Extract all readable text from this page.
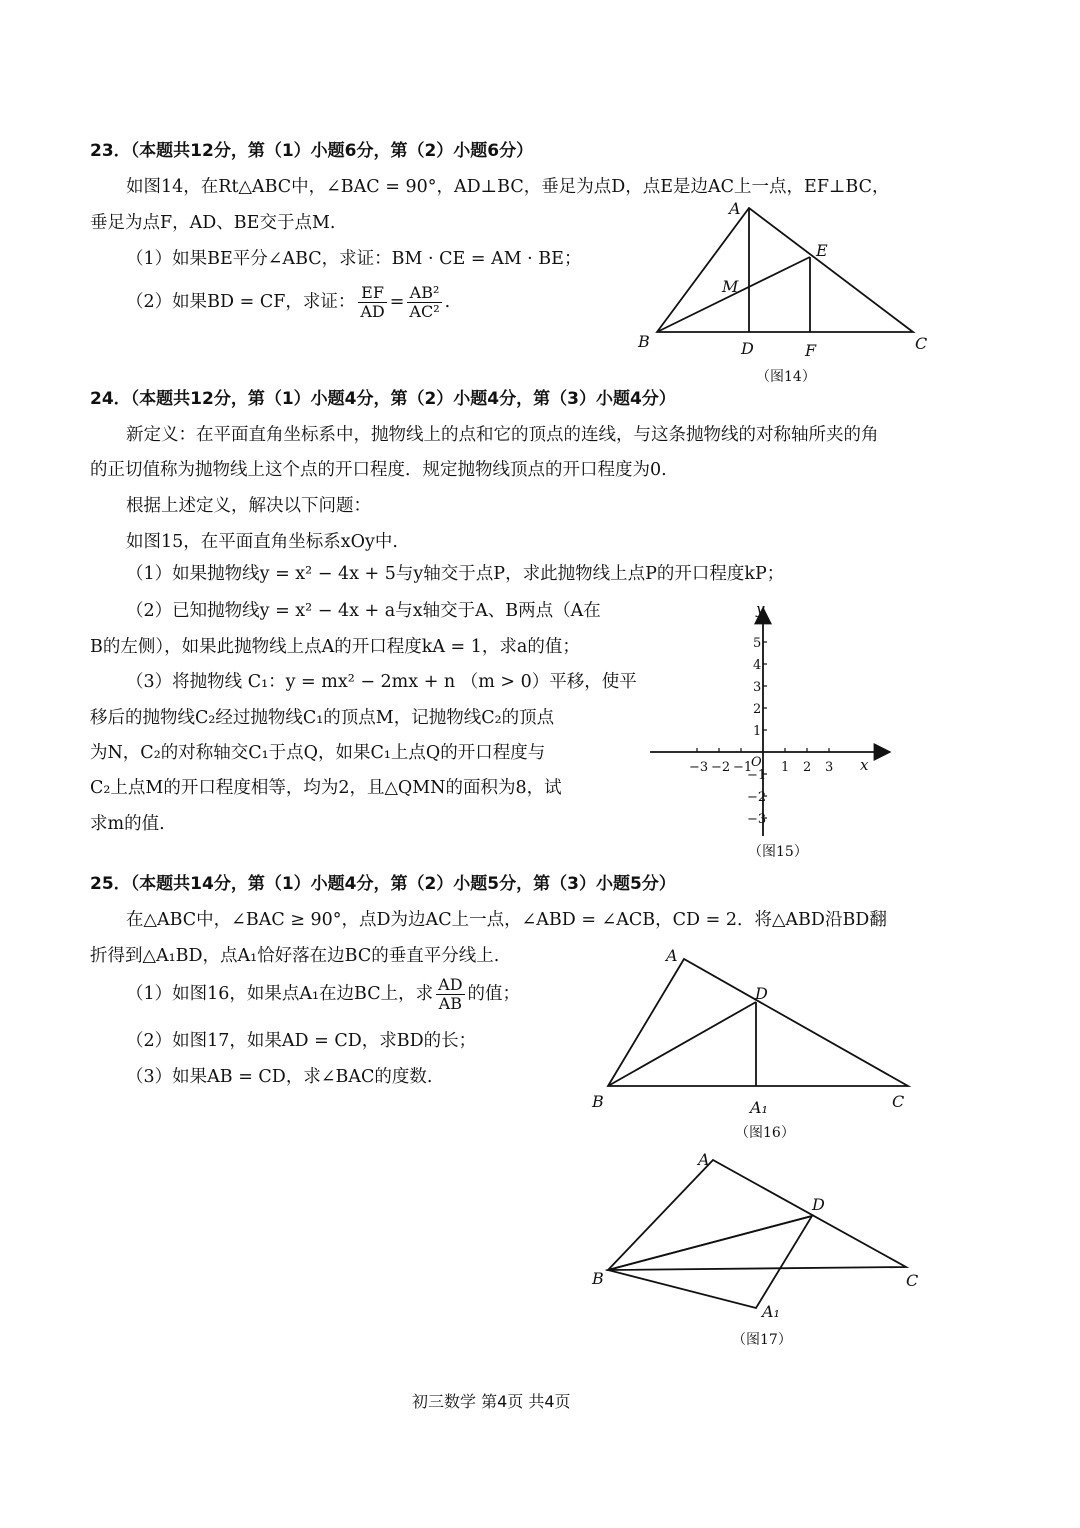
23．（本题共12分，第（1）小题6分，第（2）小题6分）
如图14，在Rt△ABC中，∠BAC = 90°，AD⊥BC，垂足为点D，点E是边AC上一点，EF⊥BC，
垂足为点F，AD、BE交于点M.
（1）如果BE平分∠ABC，求证：BM · CE = AM · BE；
（2）如果BD = CF，求证： $\frac{EF}{AD} = \frac{\text{AB²}}{\text{AC²}}$ .
A
B	C
D
E
F
M
（图14）
24．（本题共12分，第（1）小题4分，第（2）小题4分，第（3）小题4分）
新定义：在平面直角坐标系中，抛物线上的点和它的顶点的连线，与这条抛物线的对称轴所夹的角
的正切值称为抛物线上这个点的开口程度．规定抛物线顶点的开口程度为0.
根据上述定义，解决以下问题：
如图15，在平面直角坐标系xOy中.
（1）如果抛物线y = x² − 4x + 5与y轴交于点P，求此抛物线上点P的开口程度kP；
（2）已知抛物线y = x² − 4x + a与x轴交于A、B两点（A在
B的左侧），如果此抛物线上点A的开口程度kA = 1，求a的值；
（3）将抛物线 C₁：y = mx² − 2mx + n （m > 0）平移，使平
移后的抛物线C₂经过抛物线C₁的顶点M，记抛物线C₂的顶点
为N，C₂的对称轴交C₁于点Q，如果C₁上点Q的开口程度与
C₂上点M的开口程度相等，均为2，且△QMN的面积为8，试
求m的值.
x
y
O
（图15）
−3 −2 −1 1 2 3
5
4
3
2
1
−1
−2
−3
25．（本题共14分，第（1）小题4分，第（2）小题5分，第（3）小题5分）
在△ABC中，∠BAC ≥ 90°，点D为边AC上一点，∠ABD = ∠ACB，CD = 2．将△ABD沿BD翻
折得到△A₁BD，点A₁恰好落在边BC的垂直平分线上.
（1）如图16，如果点A₁在边BC上，求 $\frac{AD}{AB}$ 的值；
（2）如图17，如果AD = CD，求BD的长；
（3）如果AB = CD，求∠BAC的度数.
A
D
B	C
A₁
（图16）
A
D
B	C
A₁
（图17）
初三数学 第4页 共4页
